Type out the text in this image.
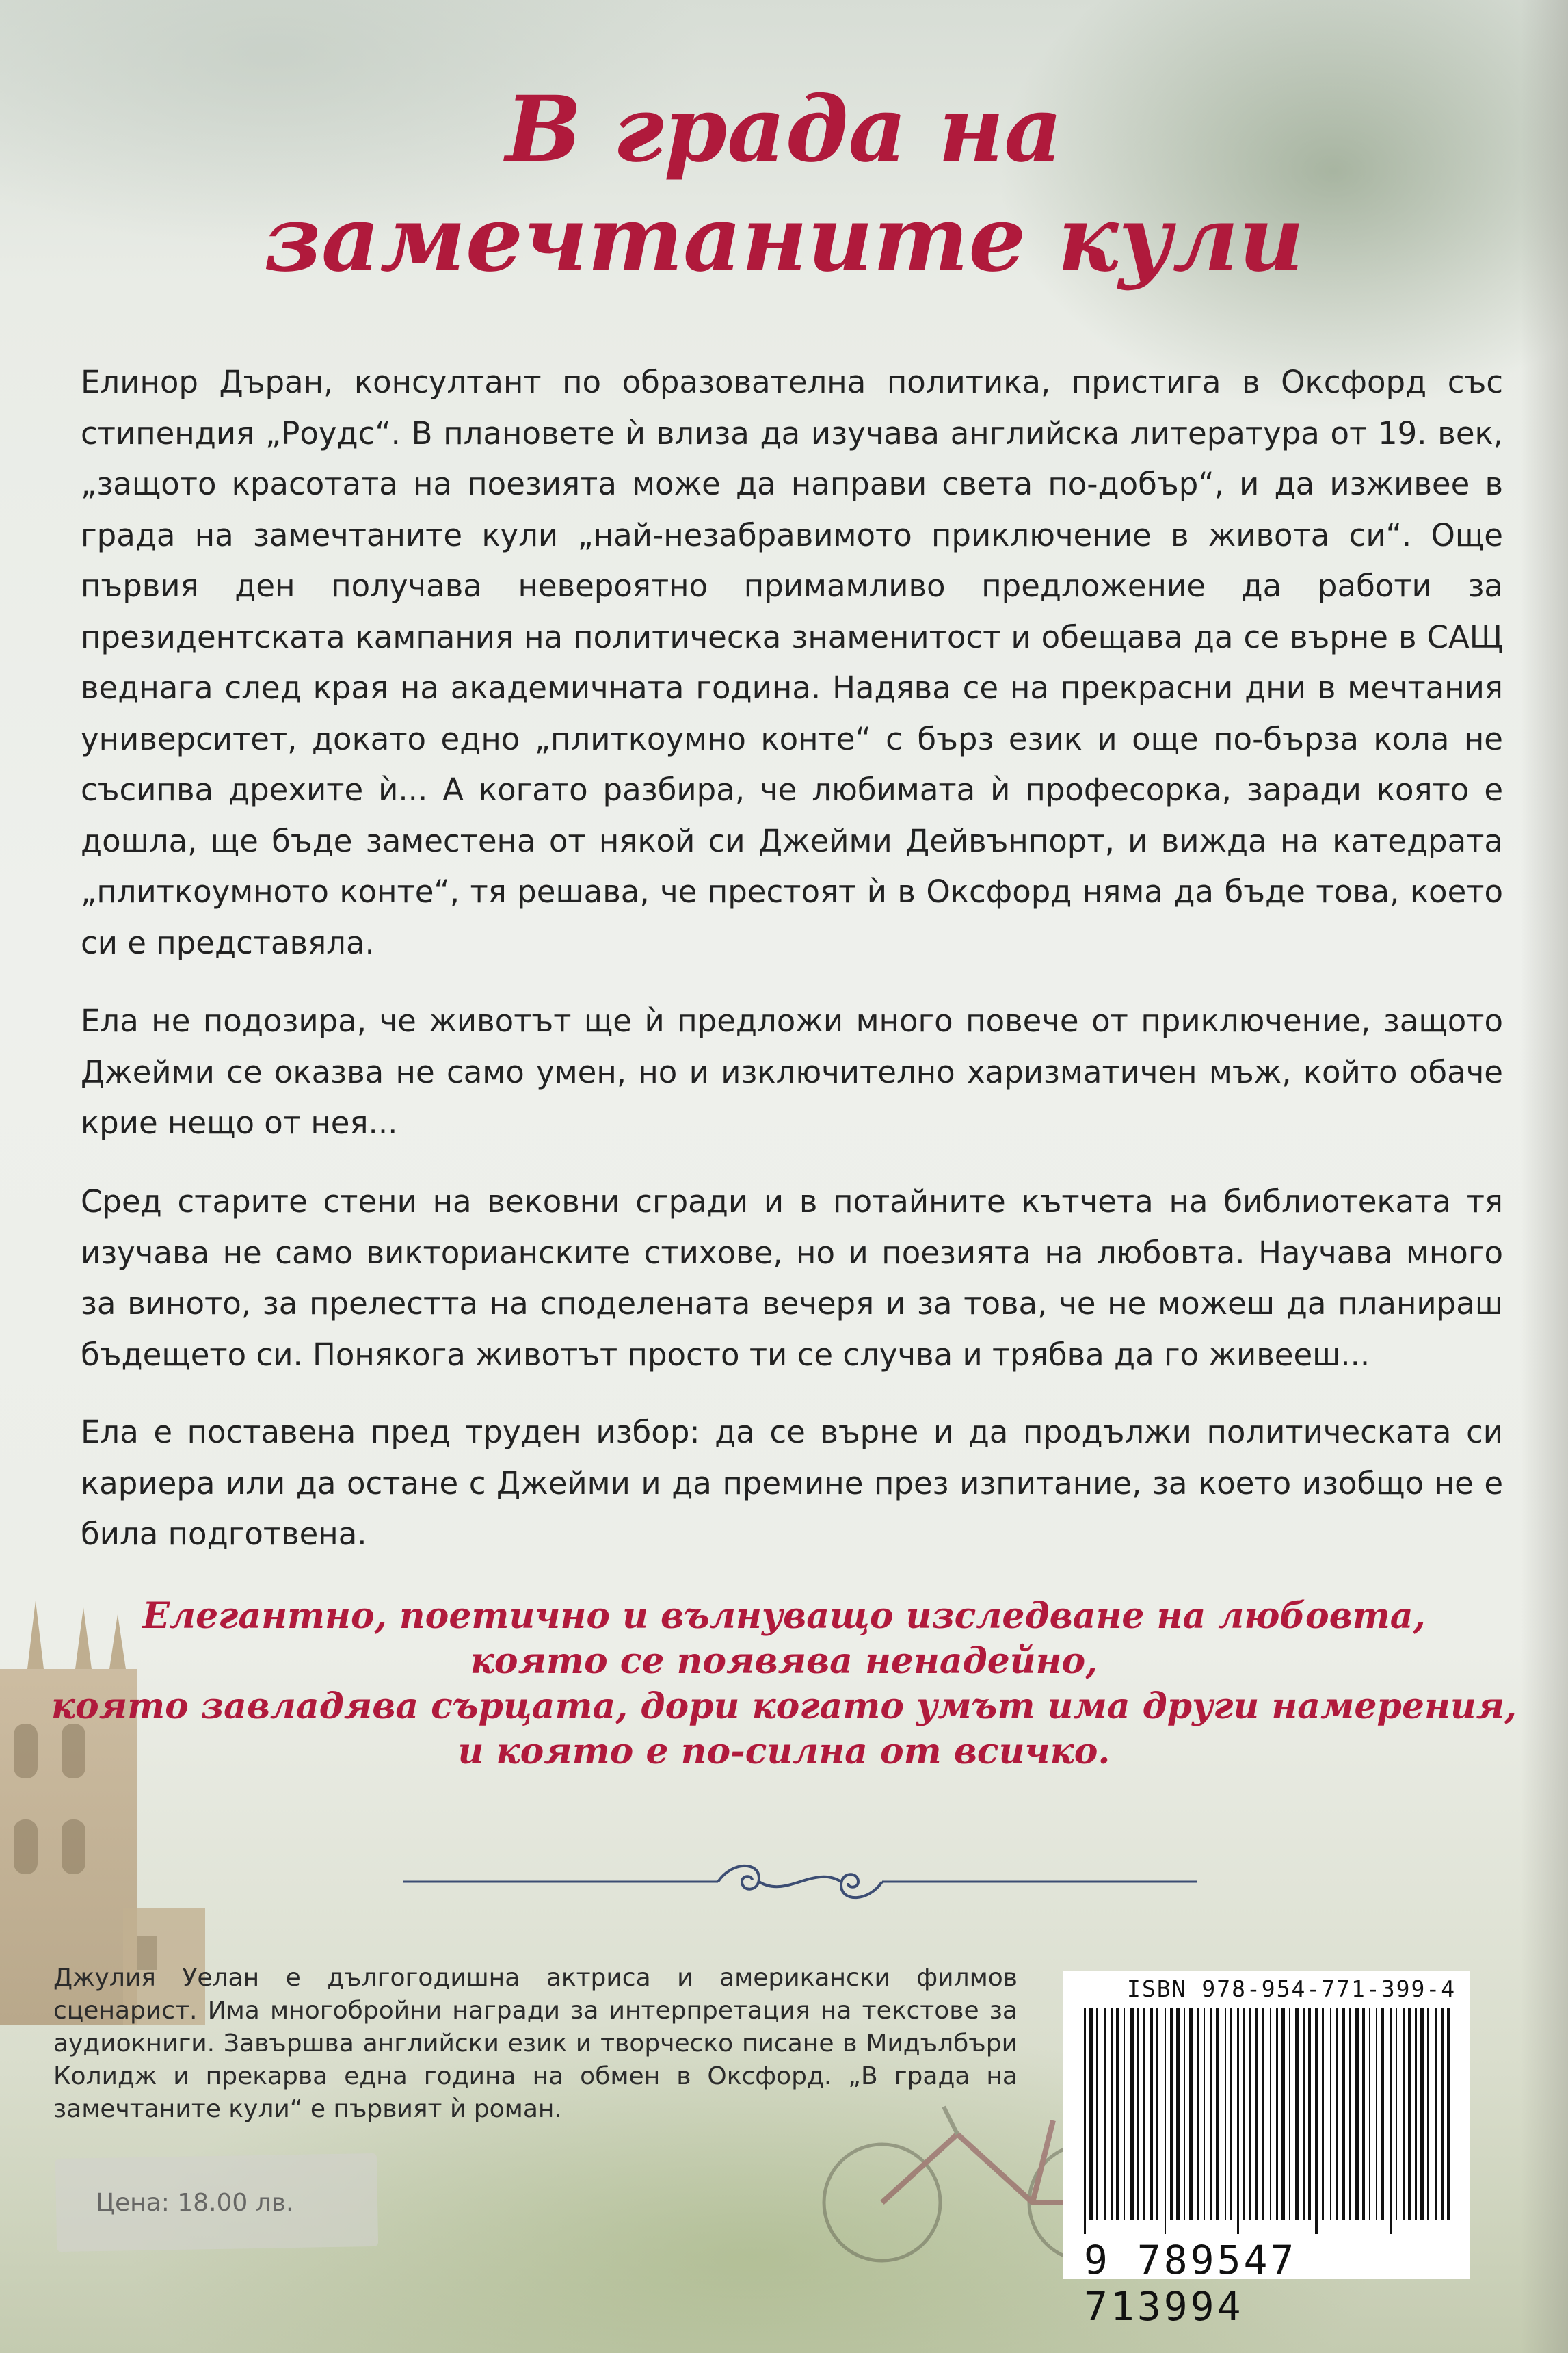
В града на
замечтаните кули

Елинор Дъран, консултант по образователна политика, пристига в Оксфорд със стипендия „Роудс“. В плановете ѝ влиза да изучава английска литература от 19. век, „защото красотата на поезията може да направи света по-добър“, и да изживее в града на замечтаните кули „най-незабравимото приключение в живота си“. Още първия ден получава невероятно примамливо предложение да работи за президентската кампания на политическа знаменитост и обещава да се върне в САЩ веднага след края на академичната година. Надява се на прекрасни дни в мечтания университет, докато едно „плиткоумно конте“ с бърз език и още по-бърза кола не съсипва дрехите ѝ... А когато разбира, че любимата ѝ професорка, заради която е дошла, ще бъде заместена от някой си Джейми Дейвънпорт, и вижда на катедрата „плиткоумното конте“, тя решава, че престоят ѝ в Оксфорд няма да бъде това, което си е представяла.

Ела не подозира, че животът ще ѝ предложи много повече от приключение, защото Джейми се оказва не само умен, но и изключително харизматичен мъж, който обаче крие нещо от нея...

Сред старите стени на вековни сгради и в потайните кътчета на библиотеката тя изучава не само викторианските стихове, но и поезията на любовта. Научава много за виното, за прелестта на споделената вечеря и за това, че не можеш да планираш бъдещето си. Понякога животът просто ти се случва и трябва да го живееш...

Ела е поставена пред труден избор: да се върне и да продължи политическата си кариера или да остане с Джейми и да премине през изпитание, за което изобщо не е била подготвена.

Елегантно, поетично и вълнуващо изследване на любовта,

която се появява ненадейно,

която завладява сърцата, дори когато умът има други намерения,

и която е по-силна от всичко.

Джулия Уелан е дългогодишна актриса и американски филмов сценарист. Има многобройни награди за интерпретация на текстове за аудиокниги. Завършва английски език и творческо писане в Мидълбъри Колидж и прекарва една година на обмен в Оксфорд. „В града на замечтаните кули“ е първият ѝ роман.

Цена: 18.00 лв.
ISBN 978-954-771-399-4
9 789547 713994
